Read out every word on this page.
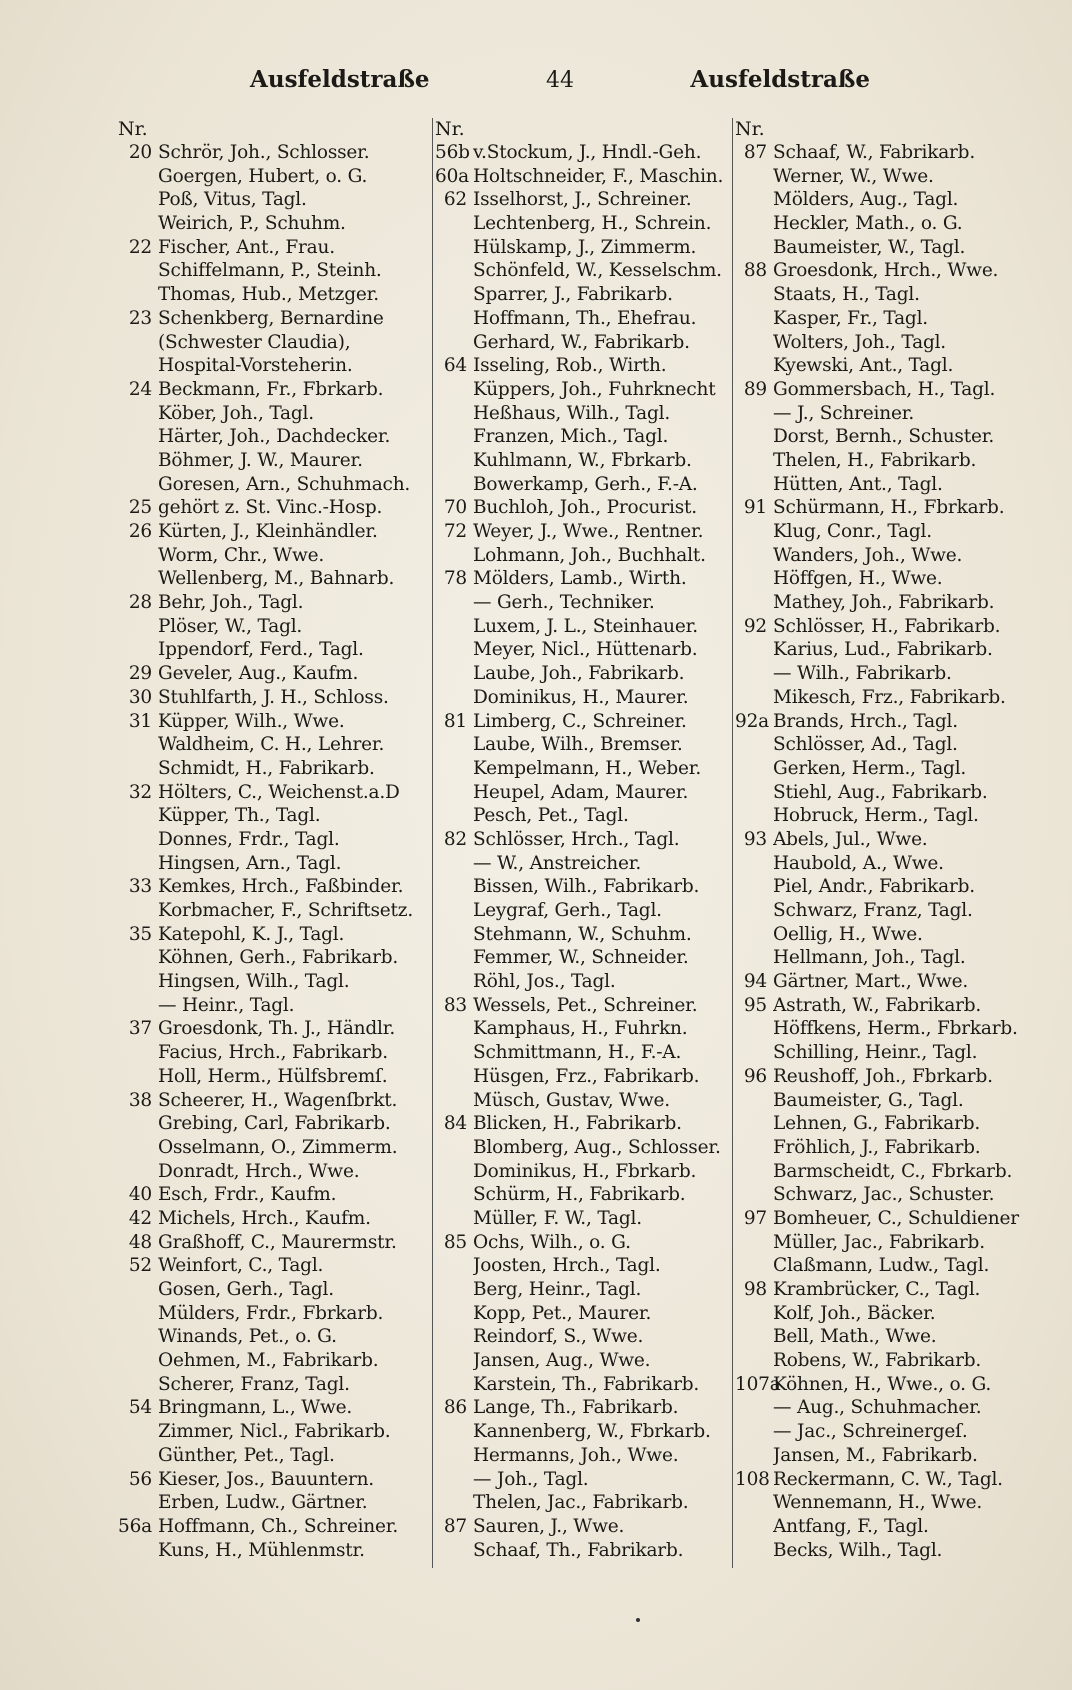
Ausfeldstraße	44	Ausfeldstraße
Nr.
20 Schrör, Joh., Schlosser.
Goergen, Hubert, o. G.
Poß, Vitus, Tagl.
Weirich, P., Schuhm.
22 Fischer, Ant., Frau.
Schiffelmann, P., Steinh.
Thomas, Hub., Metzger.
23 Schenkberg, Bernardine
(Schwester Claudia),
Hospital-Vorsteherin.
24 Beckmann, Fr., Fbrkarb.
Köber, Joh., Tagl.
Härter, Joh., Dachdecker.
Böhmer, J. W., Maurer.
Goresen, Arn., Schuhmach.
25 gehört z. St. Vinc.-Hosp.
26 Kürten, J., Kleinhändler.
Worm, Chr., Wwe.
Wellenberg, M., Bahnarb.
28 Behr, Joh., Tagl.
Plöser, W., Tagl.
Ippendorf, Ferd., Tagl.
29 Geveler, Aug., Kaufm.
30 Stuhlfarth, J. H., Schloss.
31 Küpper, Wilh., Wwe.
Waldheim, C. H., Lehrer.
Schmidt, H., Fabrikarb.
32 Hölters, C., Weichenst.a.D
Küpper, Th., Tagl.
Donnes, Frdr., Tagl.
Hingsen, Arn., Tagl.
33 Kemkes, Hrch., Faßbinder.
Korbmacher, F., Schriftsetz.
35 Katepohl, K. J., Tagl.
Köhnen, Gerh., Fabrikarb.
Hingsen, Wilh., Tagl.
— Heinr., Tagl.
37 Groesdonk, Th. J., Händlr.
Facius, Hrch., Fabrikarb.
Holl, Herm., Hülfsbremſ.
38 Scheerer, H., Wagenſbrkt.
Grebing, Carl, Fabrikarb.
Osselmann, O., Zimmerm.
Donradt, Hrch., Wwe.
40 Esch, Frdr., Kaufm.
42 Michels, Hrch., Kaufm.
48 Graßhoff, C., Maurermstr.
52 Weinfort, C., Tagl.
Gosen, Gerh., Tagl.
Mülders, Frdr., Fbrkarb.
Winands, Pet., o. G.
Oehmen, M., Fabrikarb.
Scherer, Franz, Tagl.
54 Bringmann, L., Wwe.
Zimmer, Nicl., Fabrikarb.
Günther, Pet., Tagl.
56 Kieser, Jos., Bauuntern.
Erben, Ludw., Gärtner.
56a Hoffmann, Ch., Schreiner.
Kuns, H., Mühlenmstr.
Nr.
56b v.Stockum, J., Hndl.-Geh.
60a Holtschneider, F., Maschin.
62 Isselhorst, J., Schreiner.
Lechtenberg, H., Schrein.
Hülskamp, J., Zimmerm.
Schönfeld, W., Kesselschm.
Sparrer, J., Fabrikarb.
Hoffmann, Th., Ehefrau.
Gerhard, W., Fabrikarb.
64 Isseling, Rob., Wirth.
Küppers, Joh., Fuhrknecht
Heßhaus, Wilh., Tagl.
Franzen, Mich., Tagl.
Kuhlmann, W., Fbrkarb.
Bowerkamp, Gerh., F.-A.
70 Buchloh, Joh., Procurist.
72 Weyer, J., Wwe., Rentner.
Lohmann, Joh., Buchhalt.
78 Mölders, Lamb., Wirth.
— Gerh., Techniker.
Luxem, J. L., Steinhauer.
Meyer, Nicl., Hüttenarb.
Laube, Joh., Fabrikarb.
Dominikus, H., Maurer.
81 Limberg, C., Schreiner.
Laube, Wilh., Bremser.
Kempelmann, H., Weber.
Heupel, Adam, Maurer.
Pesch, Pet., Tagl.
82 Schlösser, Hrch., Tagl.
— W., Anstreicher.
Bissen, Wilh., Fabrikarb.
Leygraf, Gerh., Tagl.
Stehmann, W., Schuhm.
Femmer, W., Schneider.
Röhl, Jos., Tagl.
83 Wessels, Pet., Schreiner.
Kamphaus, H., Fuhrkn.
Schmittmann, H., F.-A.
Hüsgen, Frz., Fabrikarb.
Müsch, Gustav, Wwe.
84 Blicken, H., Fabrikarb.
Blomberg, Aug., Schlosser.
Dominikus, H., Fbrkarb.
Schürm, H., Fabrikarb.
Müller, F. W., Tagl.
85 Ochs, Wilh., o. G.
Joosten, Hrch., Tagl.
Berg, Heinr., Tagl.
Kopp, Pet., Maurer.
Reindorf, S., Wwe.
Jansen, Aug., Wwe.
Karstein, Th., Fabrikarb.
86 Lange, Th., Fabrikarb.
Kannenberg, W., Fbrkarb.
Hermanns, Joh., Wwe.
— Joh., Tagl.
Thelen, Jac., Fabrikarb.
87 Sauren, J., Wwe.
Schaaf, Th., Fabrikarb.
Nr.
87 Schaaf, W., Fabrikarb.
Werner, W., Wwe.
Mölders, Aug., Tagl.
Heckler, Math., o. G.
Baumeister, W., Tagl.
88 Groesdonk, Hrch., Wwe.
Staats, H., Tagl.
Kasper, Fr., Tagl.
Wolters, Joh., Tagl.
Kyewski, Ant., Tagl.
89 Gommersbach, H., Tagl.
— J., Schreiner.
Dorst, Bernh., Schuster.
Thelen, H., Fabrikarb.
Hütten, Ant., Tagl.
91 Schürmann, H., Fbrkarb.
Klug, Conr., Tagl.
Wanders, Joh., Wwe.
Höffgen, H., Wwe.
Mathey, Joh., Fabrikarb.
92 Schlösser, H., Fabrikarb.
Karius, Lud., Fabrikarb.
— Wilh., Fabrikarb.
Mikesch, Frz., Fabrikarb.
92a Brands, Hrch., Tagl.
Schlösser, Ad., Tagl.
Gerken, Herm., Tagl.
Stiehl, Aug., Fabrikarb.
Hobruck, Herm., Tagl.
93 Abels, Jul., Wwe.
Haubold, A., Wwe.
Piel, Andr., Fabrikarb.
Schwarz, Franz, Tagl.
Oellig, H., Wwe.
Hellmann, Joh., Tagl.
94 Gärtner, Mart., Wwe.
95 Astrath, W., Fabrikarb.
Höffkens, Herm., Fbrkarb.
Schilling, Heinr., Tagl.
96 Reushoff, Joh., Fbrkarb.
Baumeister, G., Tagl.
Lehnen, G., Fabrikarb.
Fröhlich, J., Fabrikarb.
Barmscheidt, C., Fbrkarb.
Schwarz, Jac., Schuster.
97 Bomheuer, C., Schuldiener
Müller, Jac., Fabrikarb.
Claßmann, Ludw., Tagl.
98 Krambrücker, C., Tagl.
Kolf, Joh., Bäcker.
Bell, Math., Wwe.
Robens, W., Fabrikarb.
107a
Köhnen, H., Wwe., o. G.
— Aug., Schuhmacher.
— Jac., Schreinergeſ.
Jansen, M., Fabrikarb.
108 Reckermann, C. W., Tagl.
Wennemann, H., Wwe.
Antfang, F., Tagl.
Becks, Wilh., Tagl.
